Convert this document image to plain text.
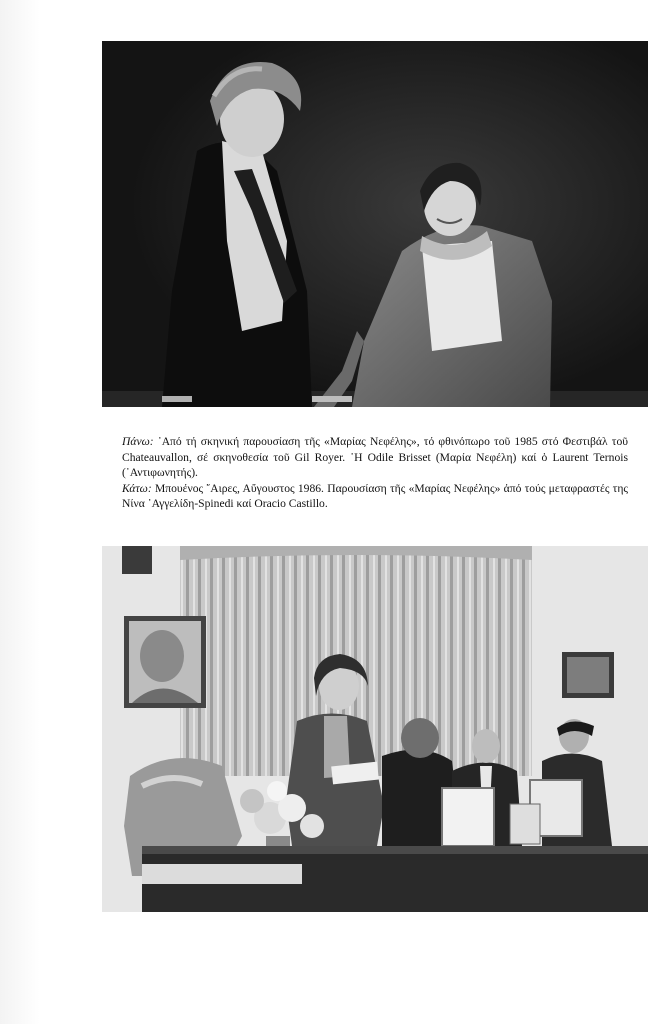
Πάνω: ᾽Από τή σκηνική παρουσίαση τῆς «Μαρίας Νεφέλης», τό φθινόπωρο τοῦ 1985 στό Φεστιβάλ τοῦ Chateauvallon, σέ σκηνοθεσία τοῦ Gil Royer. ῾Η Odile Brisset (Μαρία Νεφέλη) καί ὁ Laurent Ternois (᾽Αντιφωνητής).

Κάτω: Μπουένος ῎Αιρες, Αὔγουστος 1986. Παρουσίαση τῆς «Μαρίας Νεφέλης» ἀπό τούς μεταφραστές της Νίνα ᾽Αγγελίδη-Spinedi καί Oracio Castillo.
